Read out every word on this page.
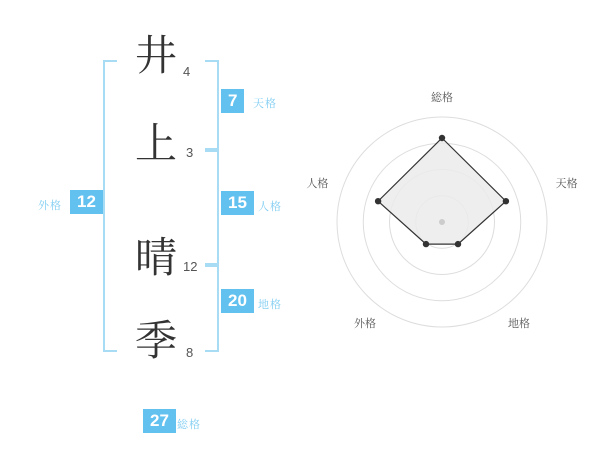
井 4
上 3
晴 12
季 8
7	天格
15	人格
20	地格
外格 12
27 総格
総格
天格
地格
外格
人格
